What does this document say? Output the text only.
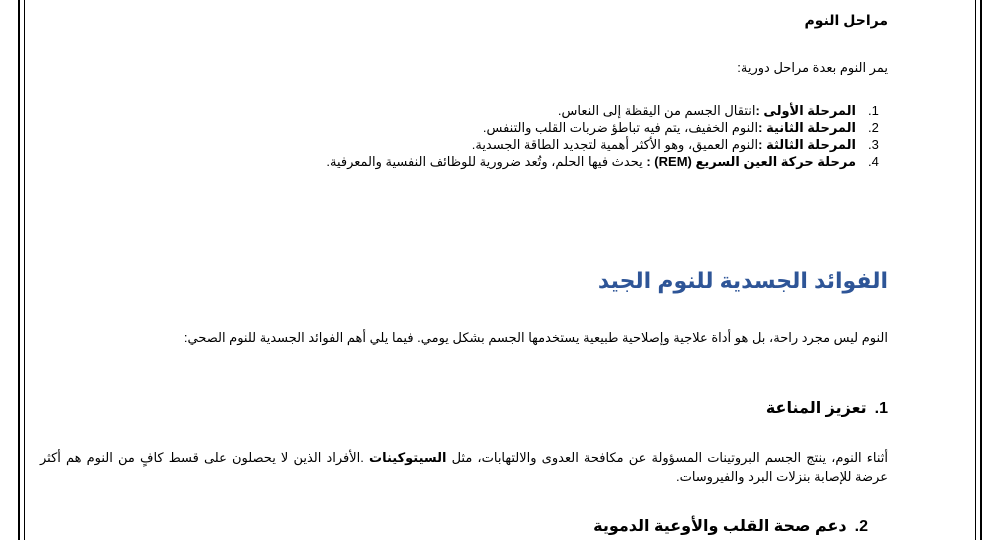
مراحل النوم
يمر النوم بعدة مراحل دورية:
1.المرحلة الأولى :انتقال الجسم من اليقظة إلى النعاس.
2.المرحلة الثانية :النوم الخفيف، يتم فيه تباطؤ ضربات القلب والتنفس.
3.المرحلة الثالثة :النوم العميق، وهو الأكثر أهمية لتجديد الطاقة الجسدية.
4.مرحلة حركة العين السريع (REM) : يحدث فيها الحلم، وتُعد ضرورية للوظائف النفسية والمعرفية.
الفوائد الجسدية للنوم الجيد
النوم ليس مجرد راحة، بل هو أداة علاجية وإصلاحية طبيعية يستخدمها الجسم بشكل يومي. فيما يلي أهم الفوائد الجسدية للنوم الصحي:
1.تعزيز المناعة
أثناء النوم، ينتج الجسم البروتينات المسؤولة عن مكافحة العدوى والالتهابات، مثل السيتوكينات .الأفراد الذين لا يحصلون على قسط كافٍ من النوم هم أكثر عرضة للإصابة بنزلات البرد والفيروسات.
2.دعم صحة القلب والأوعية الدموية
